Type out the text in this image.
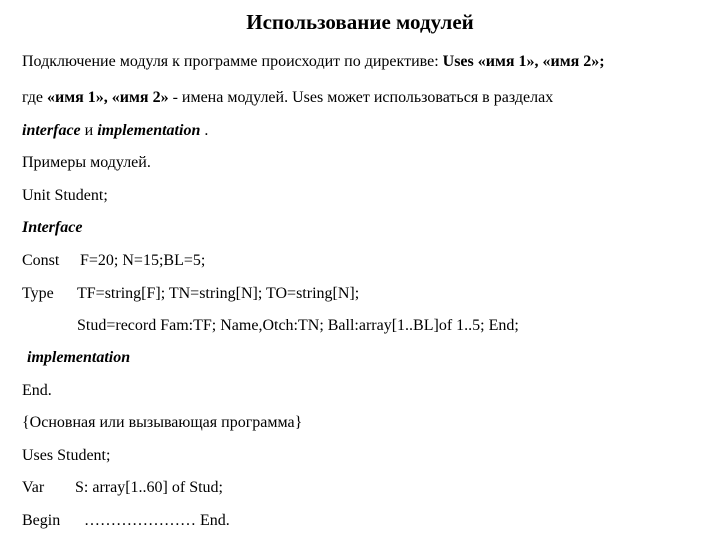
Использование модулей
Подключение модуля к программе происходит по директиве: Uses «имя 1», «имя 2»;
где «имя 1», «имя 2» - имена модулей. Uses может использоваться в разделах
interface и implementation .
Примеры модулей.
Unit Student;
Interface
Const F=20; N=15;BL=5;
Type TF=string[F]; TN=string[N]; TO=string[N];
Stud=record Fam:TF; Name,Otch:TN; Ball:array[1..BL]of 1..5; End;
implementation
End.
{Основная или вызывающая программа}
Uses Student;
Var S: array[1..60] of Stud;
Begin ………………… End.
